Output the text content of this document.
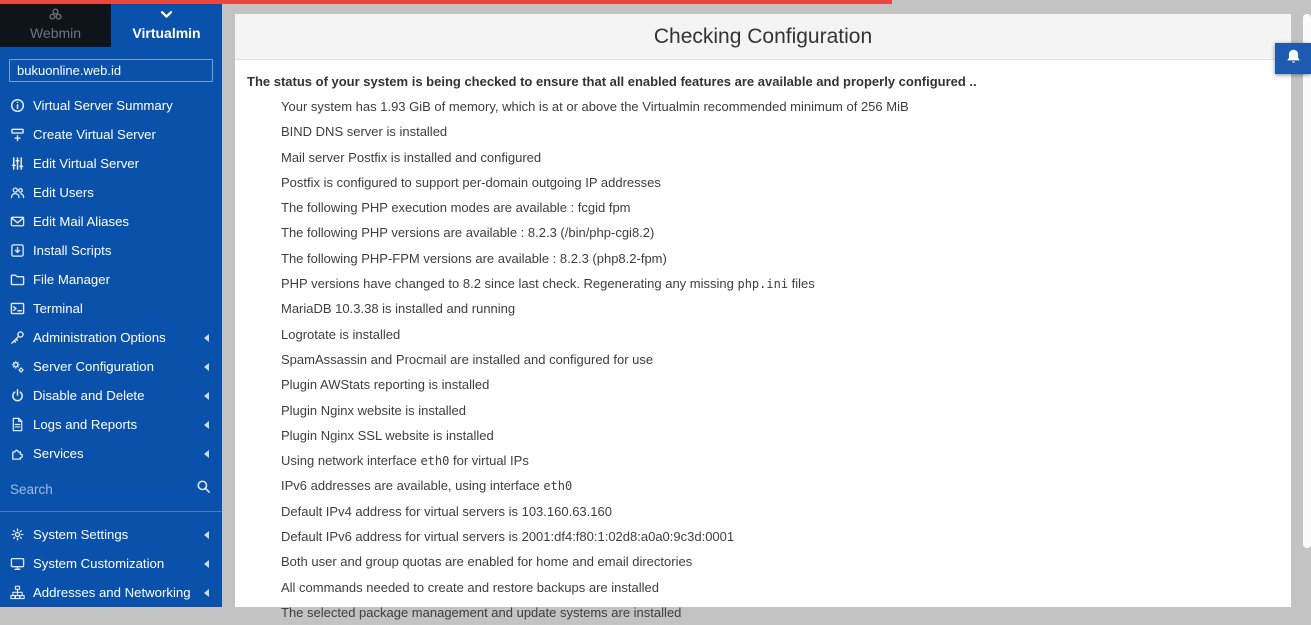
Webmin	Virtualmin
bukuonline.web.id
Virtual Server Summary
Create Virtual Server
Edit Virtual Server
Edit Users
Edit Mail Aliases
Install Scripts
File Manager
Terminal
Administration Options
Server Configuration
Disable and Delete
Logs and Reports
Services
Search
System Settings
System Customization
Addresses and Networking
Checking Configuration
The status of your system is being checked to ensure that all enabled features are available and properly configured ..
Your system has 1.93 GiB of memory, which is at or above the Virtualmin recommended minimum of 256 MiB
BIND DNS server is installed
Mail server Postfix is installed and configured
Postfix is configured to support per-domain outgoing IP addresses
The following PHP execution modes are available : fcgid fpm
The following PHP versions are available : 8.2.3 (/bin/php-cgi8.2)
The following PHP-FPM versions are available : 8.2.3 (php8.2-fpm)
PHP versions have changed to 8.2 since last check. Regenerating any missing php.ini files
MariaDB 10.3.38 is installed and running
Logrotate is installed
SpamAssassin and Procmail are installed and configured for use
Plugin AWStats reporting is installed
Plugin Nginx website is installed
Plugin Nginx SSL website is installed
Using network interface eth0 for virtual IPs
IPv6 addresses are available, using interface eth0
Default IPv4 address for virtual servers is 103.160.63.160
Default IPv6 address for virtual servers is 2001:df4:f80:1:02d8:a0a0:9c3d:0001
Both user and group quotas are enabled for home and email directories
All commands needed to create and restore backups are installed
The selected package management and update systems are installed
